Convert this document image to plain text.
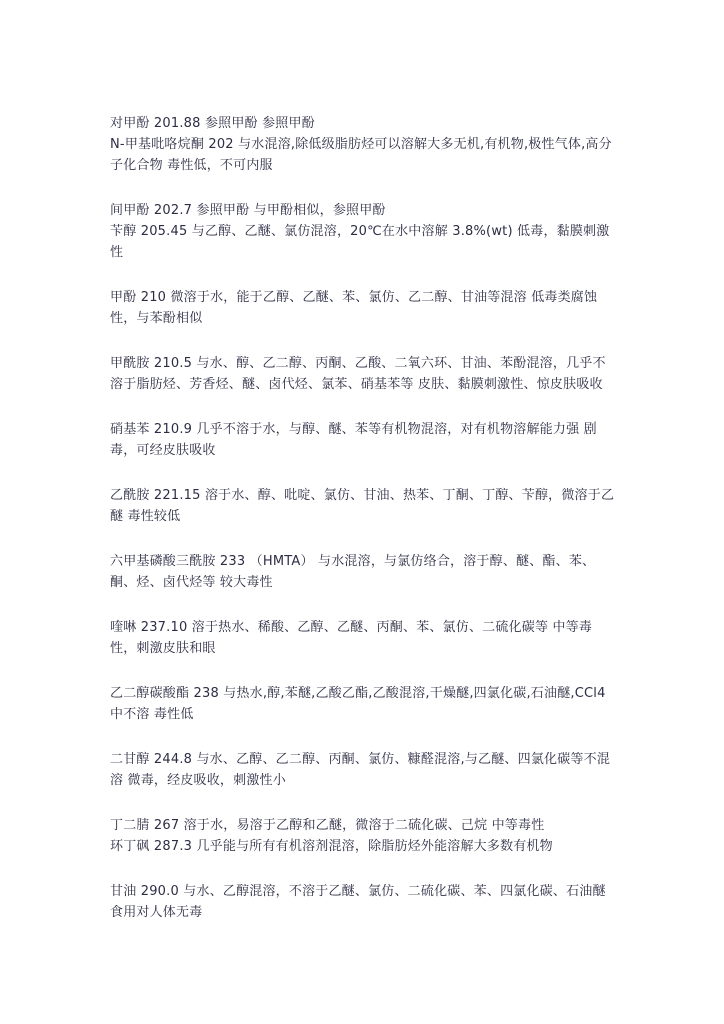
对甲酚 201.88 参照甲酚 参照甲酚
N-甲基吡咯烷酮 202 与水混溶,除低级脂肪烃可以溶解大多无机,有机物,极性气体,高分子化合物 毒性低，不可内服

间甲酚 202.7 参照甲酚 与甲酚相似，参照甲酚
苄醇 205.45 与乙醇、乙醚、氯仿混溶，20℃在水中溶解 3.8%(wt) 低毒，黏膜刺激性

甲酚 210 微溶于水，能于乙醇、乙醚、苯、氯仿、乙二醇、甘油等混溶 低毒类腐蚀性，与苯酚相似

甲酰胺 210.5 与水、醇、乙二醇、丙酮、乙酸、二氧六环、甘油、苯酚混溶，几乎不溶于脂肪烃、芳香烃、醚、卤代烃、氯苯、硝基苯等 皮肤、黏膜刺激性、惊皮肤吸收

硝基苯 210.9 几乎不溶于水，与醇、醚、苯等有机物混溶，对有机物溶解能力强 剧毒，可经皮肤吸收

乙酰胺 221.15 溶于水、醇、吡啶、氯仿、甘油、热苯、丁酮、丁醇、苄醇，微溶于乙醚 毒性较低

六甲基磷酸三酰胺 233 （HMTA） 与水混溶，与氯仿络合，溶于醇、醚、酯、苯、酮、烃、卤代烃等 较大毒性

喹啉 237.10 溶于热水、稀酸、乙醇、乙醚、丙酮、苯、氯仿、二硫化碳等 中等毒性，刺激皮肤和眼

乙二醇碳酸酯 238 与热水,醇,苯醚,乙酸乙酯,乙酸混溶,干燥醚,四氯化碳,石油醚,CCl4中不溶 毒性低

二甘醇 244.8 与水、乙醇、乙二醇、丙酮、氯仿、糠醛混溶,与乙醚、四氯化碳等不混溶 微毒，经皮吸收，刺激性小

丁二腈 267 溶于水，易溶于乙醇和乙醚，微溶于二硫化碳、己烷 中等毒性
环丁砜 287.3 几乎能与所有有机溶剂混溶，除脂肪烃外能溶解大多数有机物

甘油 290.0 与水、乙醇混溶，不溶于乙醚、氯仿、二硫化碳、苯、四氯化碳、石油醚 食用对人体无毒
